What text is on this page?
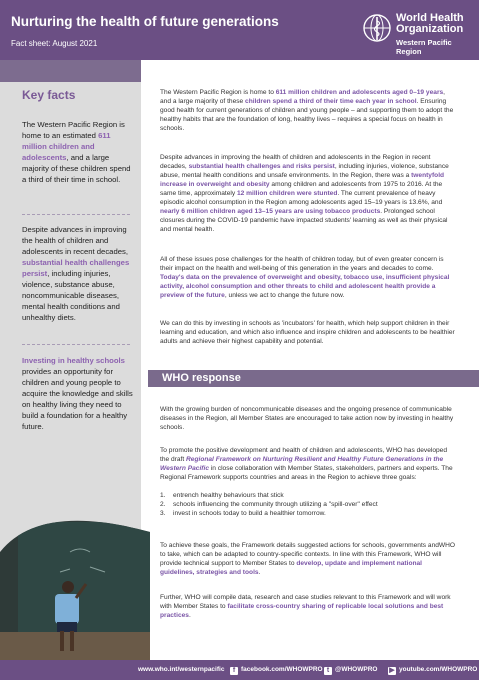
Nurturing the health of future generations
Fact sheet: August 2021
World Health
Organization
Western Pacific Region
Key facts
The Western Pacific Region is home to an estimated 611 million children and adolescents, and a large majority of these children spend a third of their time in school.
Despite advances in improving the health of children and adolescents in recent decades, substantial health challenges persist, including injuries, violence, substance abuse, noncommunicable diseases, mental health conditions and unhealthy diets.
Investing in healthy schools provides an opportunity for children and young people to acquire the knowledge and skills on healthy living they need to build a foundation for a healthy future.

The Western Pacific Region is home to 611 million children and adolescents aged 0–19 years, and a large majority of these children spend a third of their time each year in school. Ensuring good health for current generations of children and young people – and supporting them to adopt the healthy habits that are the foundation of long, healthy lives – requires a special focus on health in schools.

Despite advances in improving the health of children and adolescents in the Region in recent decades, substantial health challenges and risks persist, including injuries, violence, substance abuse, mental health conditions and unsafe environments. In the Region, there was a twentyfold increase in overweight and obesity among children and adolescents from 1975 to 2016. At the same time, approximately 12 million children were stunted. The current prevalence of heavy episodic alcohol consumption in the Region among adolescents aged 15–19 years is 13.6%, and nearly 6 million children aged 13–15 years are using tobacco products. Prolonged school closures during the COVID-19 pandemic have impacted students' learning as well as their physical and mental health.

All of these issues pose challenges for the health of children today, but of even greater concern is their impact on the health and well-being of this generation in the years and decades to come. Today's data on the prevalence of overweight and obesity, tobacco use, insufficient physical activity, alcohol consumption and other threats to child and adolescent health provide a preview of the future, unless we act to change the future now.

We can do this by investing in schools as 'incubators' for health, which help support children in their learning and education, and which also influence and inspire children and adolescents to be healthier adults and achieve their highest capability and potential.

WHO response

With the growing burden of noncommunicable diseases and the ongoing presence of communicable diseases in the Region, all Member States are encouraged to take action now by investing in healthy schools.

To promote the positive development and health of children and adolescents, WHO has developed the draft Regional Framework on Nurturing Resilient and Healthy Future Generations in the Western Pacific in close collaboration with Member States, stakeholders, partners and experts. The Regional Framework supports countries and areas in the Region to achieve three goals:

1. entrench healthy behaviours that stick
2. schools influencing the community through utilizing a "spill-over" effect
3. invest in schools today to build a healthier tomorrow.

To achieve these goals, the Framework details suggested actions for schools, governments andWHO to take, which can be adapted to country-specific contexts. In line with this Framework, WHO will provide technical support to Member States to develop, update and implement national guidelines, strategies and tools.

Further, WHO will compile data, research and case studies relevant to this Framework and will work with Member States to facilitate cross-country sharing of replicable local solutions and best practices.

www.who.int/westernpacific	f facebook.com/WHOWPRO t @WHOWPRO ▶ youtube.com/WHOWPRO
